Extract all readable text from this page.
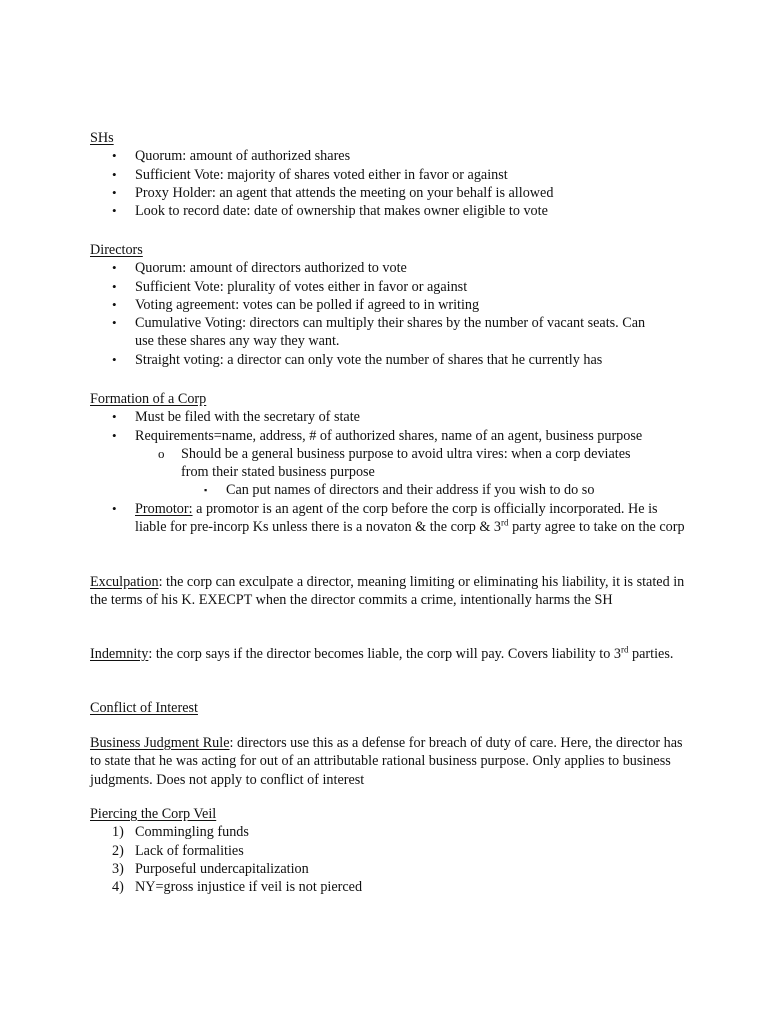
SHs
• Quorum: amount of authorized shares
• Sufficient Vote: majority of shares voted either in favor or against
• Proxy Holder: an agent that attends the meeting on your behalf is allowed
• Look to record date: date of ownership that makes owner eligible to vote
Directors
• Quorum: amount of directors authorized to vote
• Sufficient Vote: plurality of votes either in favor or against
• Voting agreement: votes can be polled if agreed to in writing
• Cumulative Voting: directors can multiply their shares by the number of vacant seats. Can use these shares any way they want.
• Straight voting: a director can only vote the number of shares that he currently has
Formation of a Corp
• Must be filed with the secretary of state
• Requirements=name, address, # of authorized shares, name of an agent, business purpose
o Should be a general business purpose to avoid ultra vires: when a corp deviates from their stated business purpose
▪ Can put names of directors and their address if you wish to do so
• Promotor: a promotor is an agent of the corp before the corp is officially incorporated. He is liable for pre-incorp Ks unless there is a novaton & the corp & 3rd party agree to take on the corp

Exculpation: the corp can exculpate a director, meaning limiting or eliminating his liability, it is stated in the terms of his K. EXECPT when the director commits a crime, intentionally harms the SH

Indemnity: the corp says if the director becomes liable, the corp will pay. Covers liability to 3rd parties.

Conflict of Interest

Business Judgment Rule: directors use this as a defense for breach of duty of care. Here, the director has to state that he was acting for out of an attributable rational business purpose. Only applies to business judgments. Does not apply to conflict of interest

Piercing the Corp Veil
1) Commingling funds
2) Lack of formalities
3) Purposeful undercapitalization
4) NY=gross injustice if veil is not pierced
